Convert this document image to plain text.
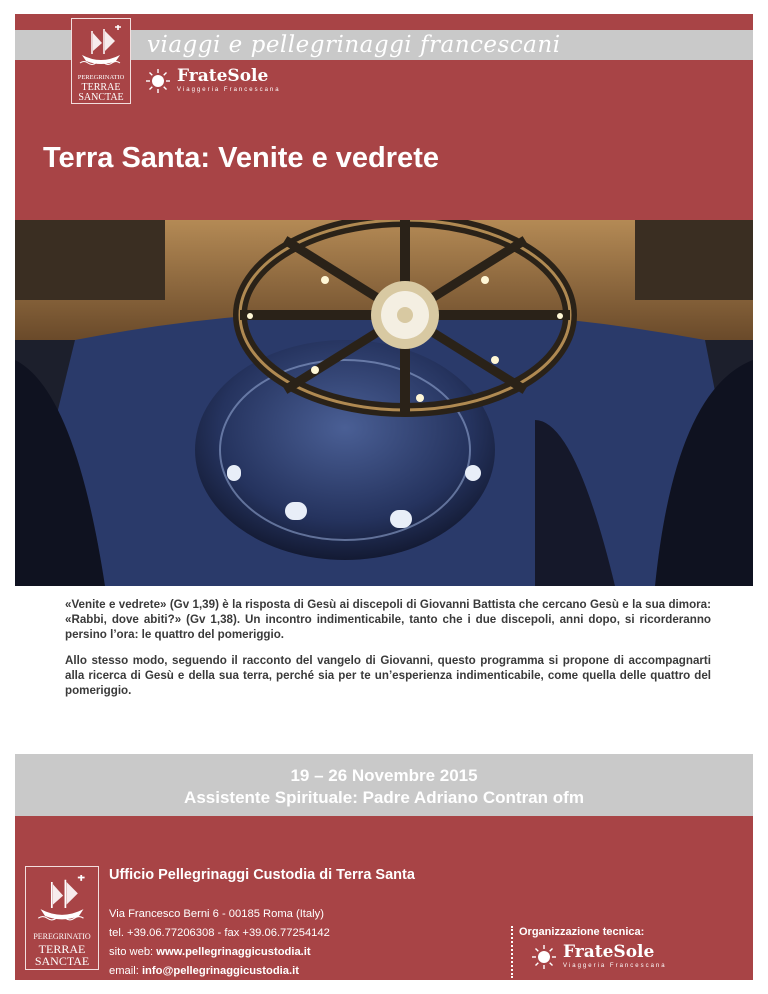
viaggi e pellegrinaggi francescani
PEREGRINATIO
TERRAE
SANCTAE
FrateSole
Viaggeria Francescana
Terra Santa: Venite e vedrete

«Venite e vedrete» (Gv 1,39) è la risposta di Gesù ai discepoli di Giovanni Battista che cercano Gesù e la sua dimora: «Rabbi, dove abiti?» (Gv 1,38). Un incontro indimenticabile, tanto che i due discepoli, anni dopo, si ricorderanno persino l’ora: le quattro del pomeriggio.

Allo stesso modo, seguendo il racconto del vangelo di Giovanni, questo programma si propone di accompagnarti alla ricerca di Gesù e della sua terra, perché sia per te un’esperienza indimenticabile, come quella delle quattro del pomeriggio.

19 – 26 Novembre 2015
Assistente Spirituale: Padre Adriano Contran ofm
PEREGRINATIO
TERRAE
SANCTAE
Ufficio Pellegrinaggi Custodia di Terra Santa
Via Francesco Berni 6 - 00185 Roma (Italy)
tel. +39.06.77206308 - fax +39.06.77254142
sito web: www.pellegrinaggicustodia.it
email: info@pellegrinaggicustodia.it
Organizzazione tecnica:
FrateSole
Viaggeria Francescana
